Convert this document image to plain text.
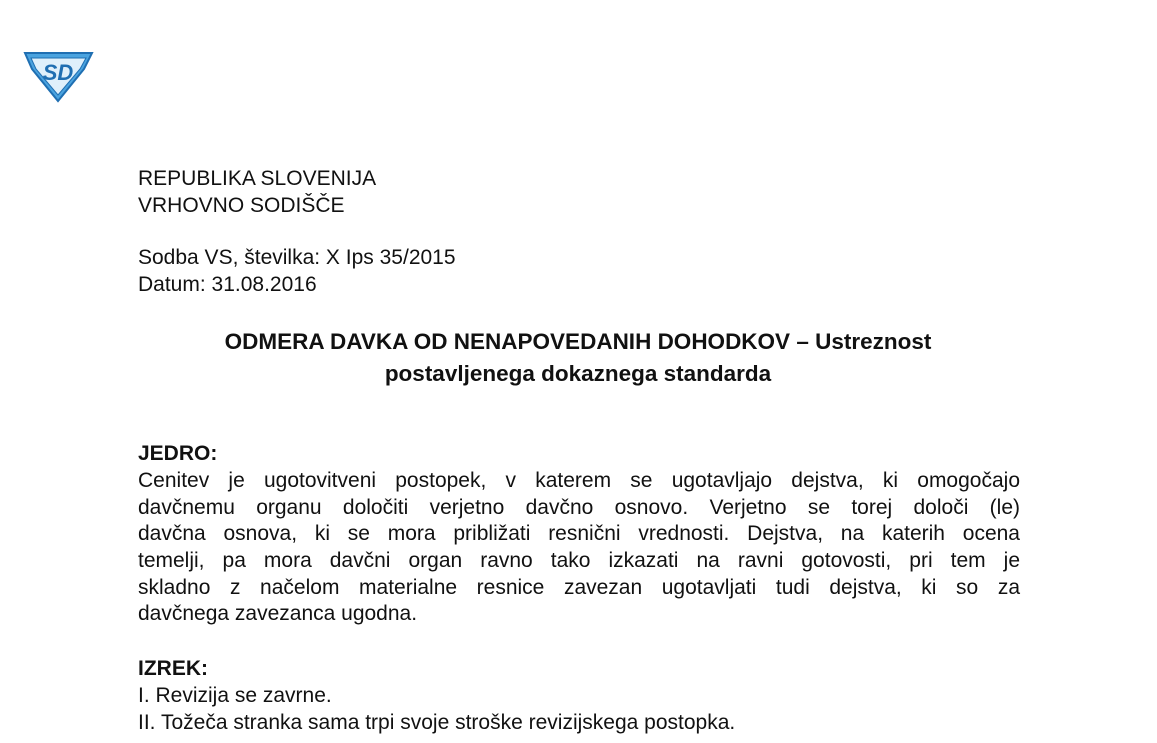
SD
REPUBLIKA SLOVENIJA
VRHOVNO SODIŠČE
Sodba VS, številka: X Ips 35/2015
Datum: 31.08.2016
ODMERA DAVKA OD NENAPOVEDANIH DOHODKOV – Ustreznost
postavljenega dokaznega standarda
JEDRO:
Cenitev je ugotovitveni postopek, v katerem se ugotavljajo dejstva, ki omogočajo
davčnemu organu določiti verjetno davčno osnovo. Verjetno se torej določi (le)
davčna osnova, ki se mora približati resnični vrednosti. Dejstva, na katerih ocena
temelji, pa mora davčni organ ravno tako izkazati na ravni gotovosti, pri tem je
skladno z načelom materialne resnice zavezan ugotavljati tudi dejstva, ki so za
davčnega zavezanca ugodna.
IZREK:
I. Revizija se zavrne.
II. Tožeča stranka sama trpi svoje stroške revizijskega postopka.
